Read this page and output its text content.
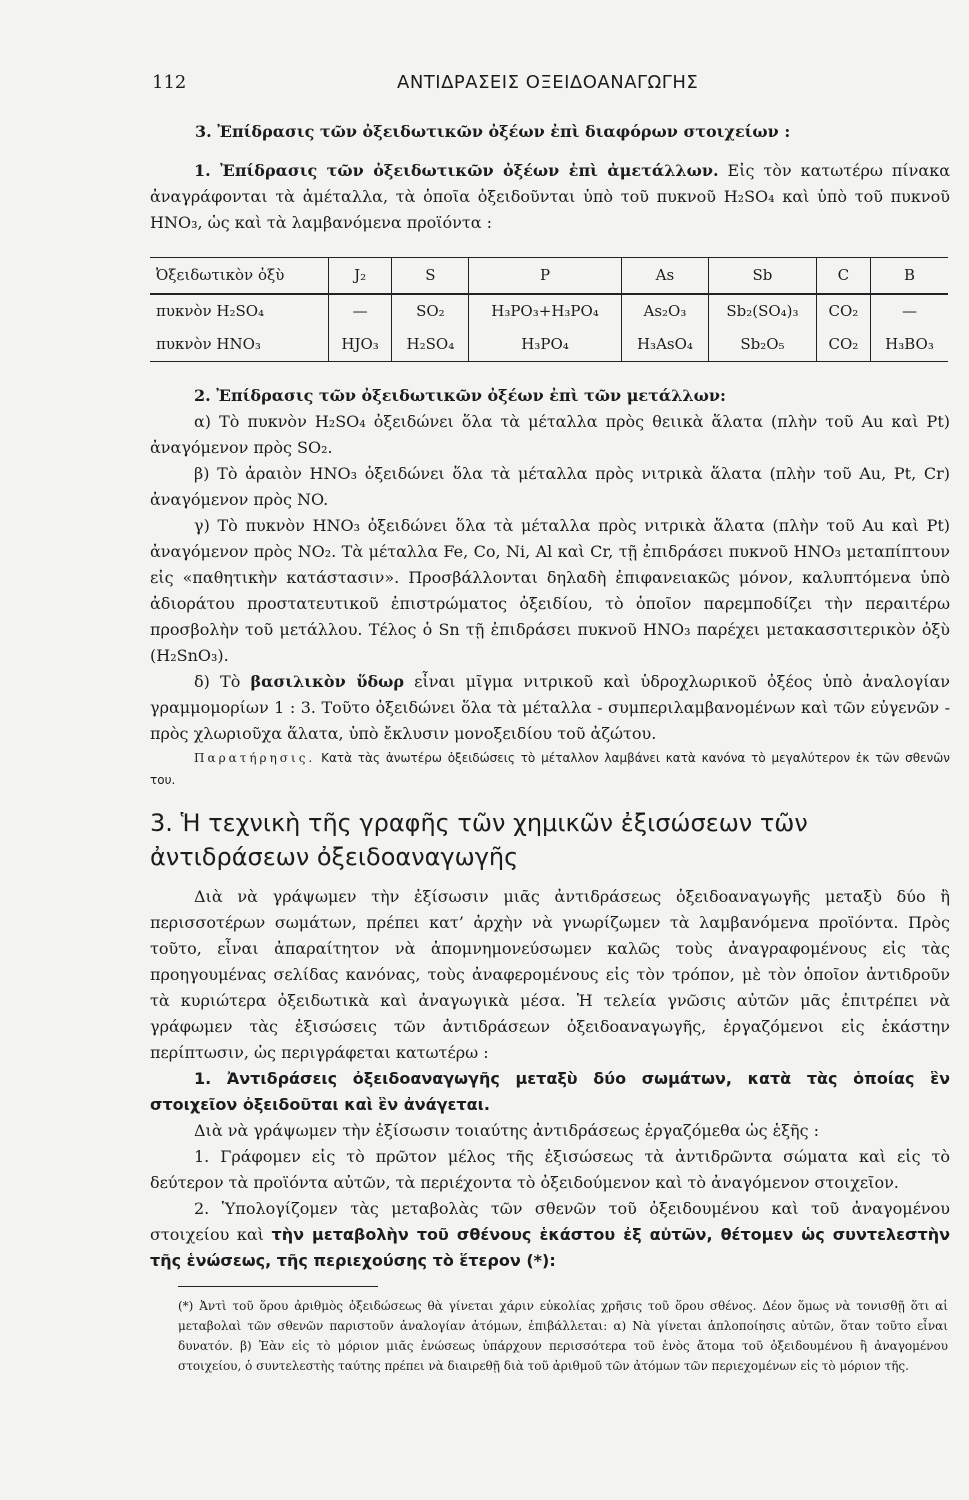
112	ΑΝΤΙΔΡΑΣΕΙΣ ΟΞΕΙΔΟΑΝΑΓΩΓΗΣ
3. Ἐπίδρασις τῶν ὀξειδωτικῶν ὀξέων ἐπὶ διαφόρων στοιχείων :

1. Ἐπίδρασις τῶν ὀξειδωτικῶν ὀξέων ἐπὶ ἀμετάλλων. Εἰς τὸν κατωτέρω πίνακα ἀναγράφονται τὰ ἀμέταλλα, τὰ ὁποῖα ὀξειδοῦνται ὑπὸ τοῦ πυκνοῦ H₂SO₄ καὶ ὑπὸ τοῦ πυκνοῦ HNO₃, ὡς καὶ τὰ λαμβανόμενα προϊόντα :

Ὀξειδωτικὸν ὀξὺ	J₂	S	P	As	Sb	C	B
πυκνὸν H₂SO₄	—	SO₂	H₃PO₃+H₃PO₄	As₂O₃	Sb₂(SO₄)₃	CO₂	—
πυκνὸν HNO₃	HJO₃	H₂SO₄	H₃PO₄	H₃AsO₄	Sb₂O₅	CO₂	H₃BO₃

2. Ἐπίδρασις τῶν ὀξειδωτικῶν ὀξέων ἐπὶ τῶν μετάλλων:

α) Τὸ πυκνὸν H₂SO₄ ὀξειδώνει ὅλα τὰ μέταλλα πρὸς θειικὰ ἅλατα (πλὴν τοῦ Au καὶ Pt) ἀναγόμενον πρὸς SO₂.

β) Τὸ ἀραιὸν HNO₃ ὀξειδώνει ὅλα τὰ μέταλλα πρὸς νιτρικὰ ἅλατα (πλὴν τοῦ Au, Pt, Cr) ἀναγόμενον πρὸς NO.

γ) Τὸ πυκνὸν HNO₃ ὀξειδώνει ὅλα τὰ μέταλλα πρὸς νιτρικὰ ἅλατα (πλὴν τοῦ Au καὶ Pt) ἀναγόμενον πρὸς NO₂. Τὰ μέταλλα Fe, Co, Ni, Al καὶ Cr, τῇ ἐπιδράσει πυκνοῦ HNO₃ μεταπίπτουν εἰς «παθητικὴν κατάστασιν». Προσβάλλονται δηλαδὴ ἐπιφανειακῶς μόνον, καλυπτόμενα ὑπὸ ἀδιοράτου προστατευτικοῦ ἐπιστρώματος ὀξειδίου, τὸ ὁποῖον παρεμποδίζει τὴν περαιτέρω προσβολὴν τοῦ μετάλλου. Τέλος ὁ Sn τῇ ἐπιδράσει πυκνοῦ HNO₃ παρέχει μετακασσιτερικὸν ὀξὺ (H₂SnO₃).

δ) Τὸ βασιλικὸν ὕδωρ εἶναι μῖγμα νιτρικοῦ καὶ ὑδροχλωρικοῦ ὀξέος ὑπὸ ἀναλογίαν γραμμομορίων 1 : 3. Τοῦτο ὀξειδώνει ὅλα τὰ μέταλλα - συμπεριλαμβανομένων καὶ τῶν εὐγενῶν - πρὸς χλωριοῦχα ἅλατα, ὑπὸ ἔκλυσιν μονοξειδίου τοῦ ἀζώτου.

Παρατήρησις. Κατὰ τὰς ἀνωτέρω ὀξειδώσεις τὸ μέταλλον λαμβάνει κατὰ κανόνα τὸ μεγαλύτερον ἐκ τῶν σθενῶν του.

3. Ἡ τεχνικὴ τῆς γραφῆς τῶν χημικῶν ἐξισώσεων τῶν ἀντιδράσεων ὀξειδοαναγωγῆς

Διὰ νὰ γράψωμεν τὴν ἐξίσωσιν μιᾶς ἀντιδράσεως ὀξειδοαναγωγῆς μεταξὺ δύο ἢ περισσοτέρων σωμάτων, πρέπει κατ’ ἀρχὴν νὰ γνωρίζωμεν τὰ λαμβανόμενα προϊόντα. Πρὸς τοῦτο, εἶναι ἀπαραίτητον νὰ ἀπομνημονεύσωμεν καλῶς τοὺς ἀναγραφομένους εἰς τὰς προηγουμένας σελίδας κανόνας, τοὺς ἀναφερομένους εἰς τὸν τρόπον, μὲ τὸν ὁποῖον ἀντιδροῦν τὰ κυριώτερα ὀξειδωτικὰ καὶ ἀναγωγικὰ μέσα. Ἡ τελεία γνῶσις αὐτῶν μᾶς ἐπιτρέπει νὰ γράφωμεν τὰς ἐξισώσεις τῶν ἀντιδράσεων ὀξειδοαναγωγῆς, ἐργαζόμενοι εἰς ἑκάστην περίπτωσιν, ὡς περιγράφεται κατωτέρω :

1. Ἀντιδράσεις ὀξειδοαναγωγῆς μεταξὺ δύο σωμάτων, κατὰ τὰς ὁποίας ἓν στοιχεῖον ὀξειδοῦται καὶ ἓν ἀνάγεται.

Διὰ νὰ γράψωμεν τὴν ἐξίσωσιν τοιαύτης ἀντιδράσεως ἐργαζόμεθα ὡς ἑξῆς :

1. Γράφομεν εἰς τὸ πρῶτον μέλος τῆς ἐξισώσεως τὰ ἀντιδρῶντα σώματα καὶ εἰς τὸ δεύτερον τὰ προϊόντα αὐτῶν, τὰ περιέχοντα τὸ ὀξειδούμενον καὶ τὸ ἀναγόμενον στοιχεῖον.

2. Ὑπολογίζομεν τὰς μεταβολὰς τῶν σθενῶν τοῦ ὀξειδουμένου καὶ τοῦ ἀναγομένου στοιχείου καὶ τὴν μεταβολὴν τοῦ σθένους ἑκάστου ἐξ αὐτῶν, θέτομεν ὡς συντελεστὴν τῆς ἑνώσεως, τῆς περιεχούσης τὸ ἕτερον (*):

(*) Ἀντὶ τοῦ ὅρου ἀριθμὸς ὀξειδώσεως θὰ γίνεται χάριν εὐκολίας χρῆσις τοῦ ὅρου σθένος. Δέον ὅμως νὰ τονισθῇ ὅτι αἱ μεταβολαὶ τῶν σθενῶν παριστοῦν ἀναλογίαν ἀτόμων, ἐπιβάλλεται: α) Νὰ γίνεται ἁπλοποίησις αὐτῶν, ὅταν τοῦτο εἶναι δυνατόν. β) Ἐὰν εἰς τὸ μόριον μιᾶς ἑνώσεως ὑπάρχουν περισσότερα τοῦ ἑνὸς ἄτομα τοῦ ὀξειδουμένου ἢ ἀναγομένου στοιχείου, ὁ συντελεστὴς ταύτης πρέπει νὰ διαιρεθῇ διὰ τοῦ ἀριθμοῦ τῶν ἀτόμων τῶν περιεχομένων εἰς τὸ μόριον τῆς.
